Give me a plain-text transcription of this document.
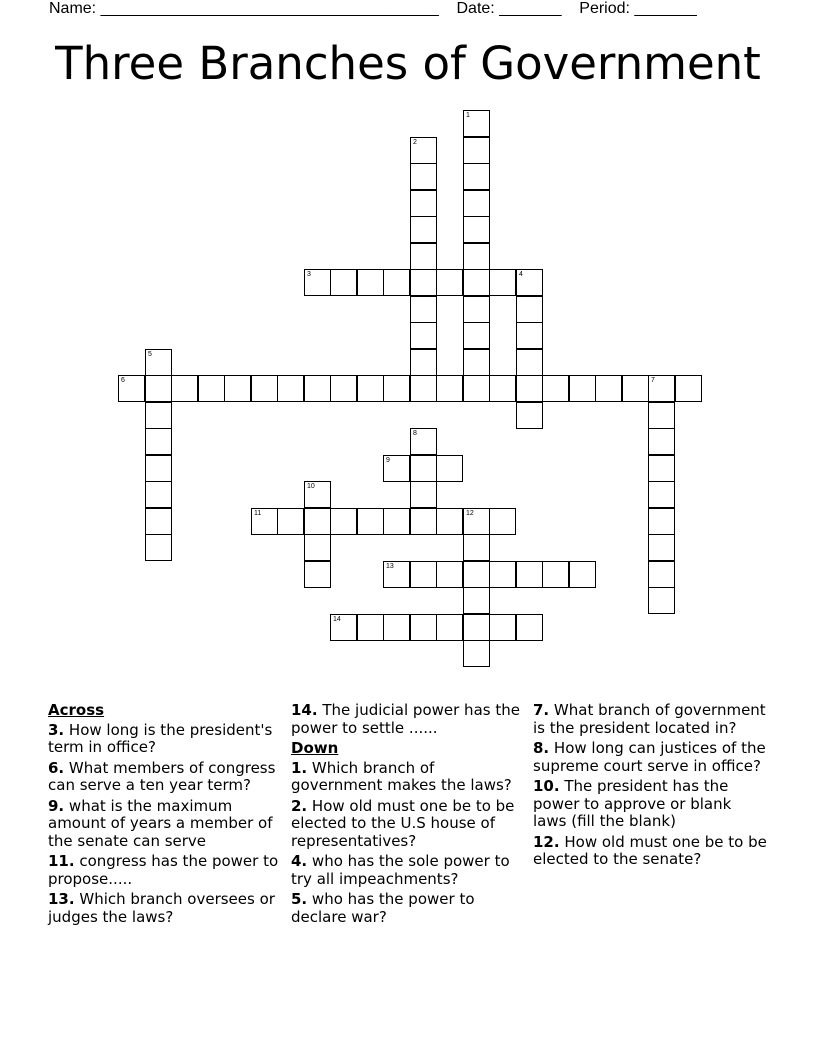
Name: ______________________________________ Date: _______ Period: _______
Three Branches of Government
1
2
3	4
5
6	7
8
9
10
11	12
13
14
Across
3. How long is the president's term in office?
6. What members of congress can serve a ten year term?
9. what is the maximum amount of years a member of the senate can serve
11. congress has the power to propose.....
13. Which branch oversees or judges the laws?
14. The judicial power has the power to settle ......
Down
1. Which branch of government makes the laws?
2. How old must one be to be elected to the U.S house of representatives?
4. who has the sole power to try all impeachments?
5. who has the power to declare war?
7. What branch of government is the president located in?
8. How long can justices of the supreme court serve in office?
10. The president has the power to approve or blank laws (fill the blank)
12. How old must one be to be elected to the senate?
